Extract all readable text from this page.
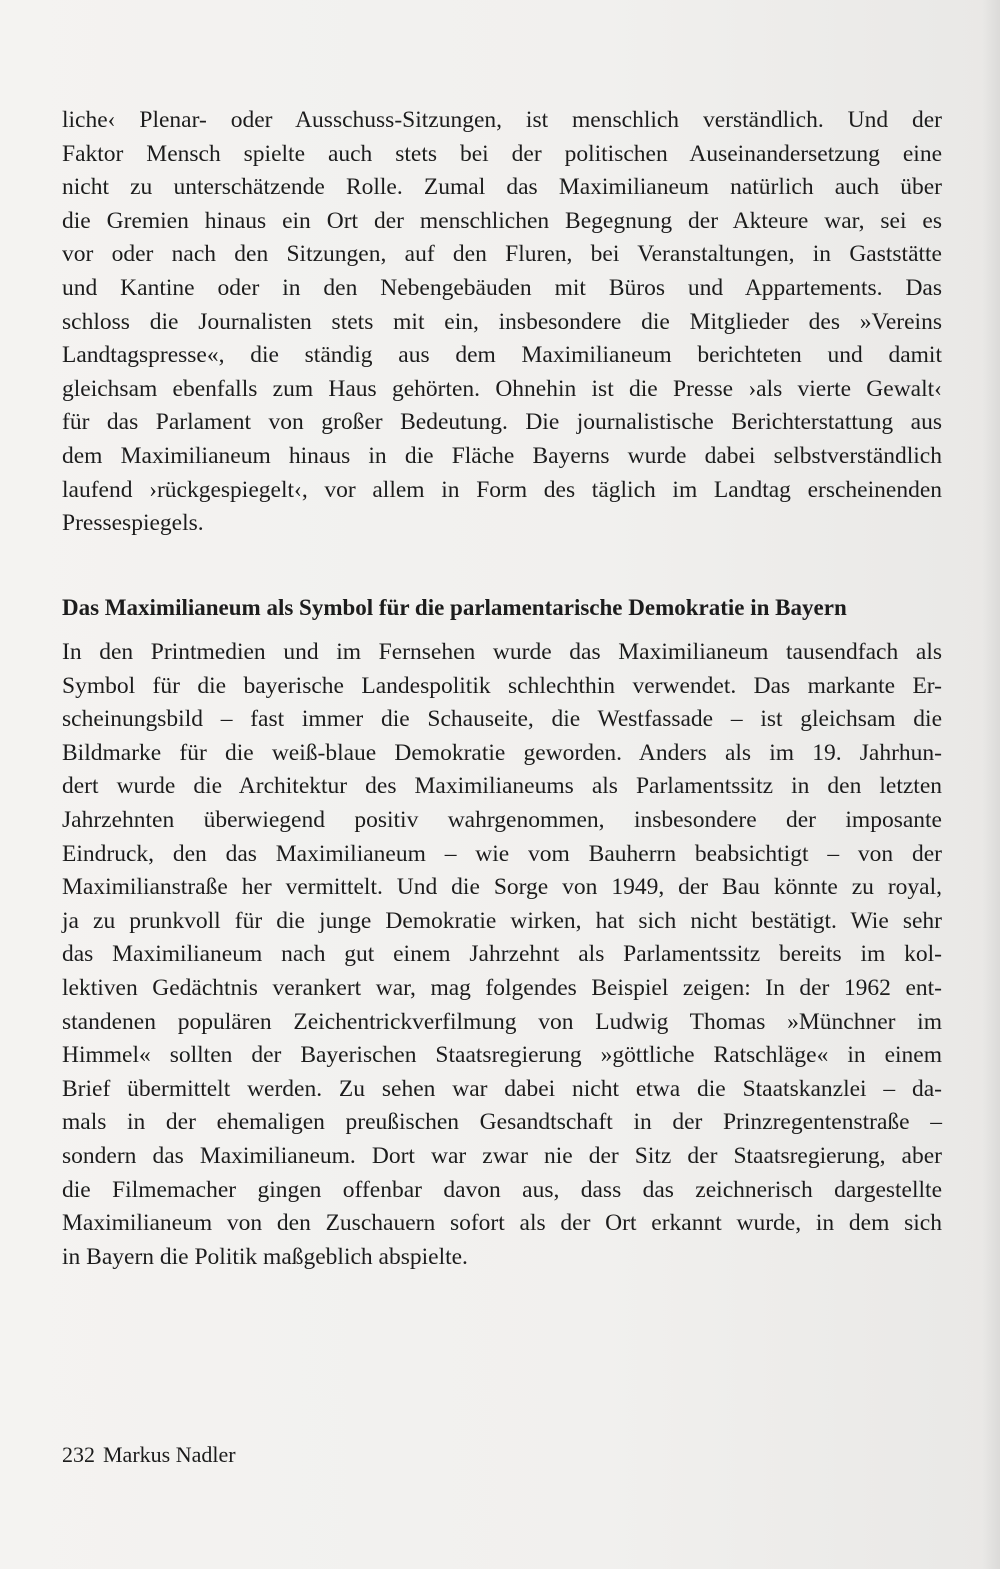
liche‹ Plenar- oder Ausschuss-Sitzungen, ist menschlich verständlich. Und der
Faktor Mensch spielte auch stets bei der politischen Auseinandersetzung eine
nicht zu unterschätzende Rolle. Zumal das Maximilianeum natürlich auch über
die Gremien hinaus ein Ort der menschlichen Begegnung der Akteure war, sei es
vor oder nach den Sitzungen, auf den Fluren, bei Veranstaltungen, in Gaststätte
und Kantine oder in den Nebengebäuden mit Büros und Appartements. Das
schloss die Journalisten stets mit ein, insbesondere die Mitglieder des »Vereins
Landtagspresse«, die ständig aus dem Maximilianeum berichteten und damit
gleichsam ebenfalls zum Haus gehörten. Ohnehin ist die Presse ›als vierte Gewalt‹
für das Parlament von großer Bedeutung. Die journalistische Berichterstattung aus
dem Maximilianeum hinaus in die Fläche Bayerns wurde dabei selbstverständlich
laufend ›rückgespiegelt‹, vor allem in Form des täglich im Landtag erscheinenden
Pressespiegels.
Das Maximilianeum als Symbol für die parlamentarische Demokratie in Bayern
In den Printmedien und im Fernsehen wurde das Maximilianeum tausendfach als
Symbol für die bayerische Landespolitik schlechthin verwendet. Das markante Er-
scheinungsbild – fast immer die Schauseite, die Westfassade – ist gleichsam die
Bildmarke für die weiß-blaue Demokratie geworden. Anders als im 19. Jahrhun-
dert wurde die Architektur des Maximilianeums als Parlamentssitz in den letzten
Jahrzehnten überwiegend positiv wahrgenommen, insbesondere der imposante
Eindruck, den das Maximilianeum – wie vom Bauherrn beabsichtigt – von der
Maximilianstraße her vermittelt. Und die Sorge von 1949, der Bau könnte zu royal,
ja zu prunkvoll für die junge Demokratie wirken, hat sich nicht bestätigt. Wie sehr
das Maximilianeum nach gut einem Jahrzehnt als Parlamentssitz bereits im kol-
lektiven Gedächtnis verankert war, mag folgendes Beispiel zeigen: In der 1962 ent-
standenen populären Zeichentrickverfilmung von Ludwig Thomas »Münchner im
Himmel« sollten der Bayerischen Staatsregierung »göttliche Ratschläge« in einem
Brief übermittelt werden. Zu sehen war dabei nicht etwa die Staatskanzlei – da-
mals in der ehemaligen preußischen Gesandtschaft in der Prinzregentenstraße –
sondern das Maximilianeum. Dort war zwar nie der Sitz der Staatsregierung, aber
die Filmemacher gingen offenbar davon aus, dass das zeichnerisch dargestellte
Maximilianeum von den Zuschauern sofort als der Ort erkannt wurde, in dem sich
in Bayern die Politik maßgeblich abspielte.
232 Markus Nadler
